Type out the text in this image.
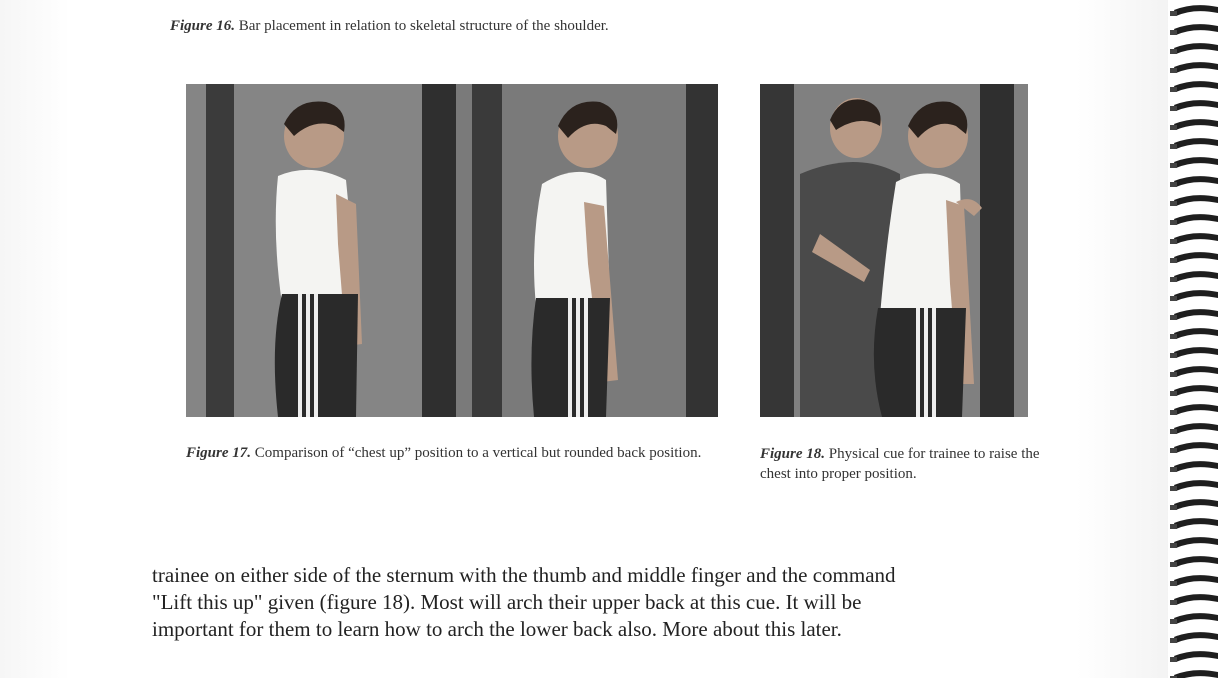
Figure 16. Bar placement in relation to skeletal structure of the shoulder.
Figure 17. Comparison of “chest up” position to a vertical but rounded back position.	Figure 18. Physical cue for trainee to raise the chest into proper position.
trainee on either side of the sternum with the thumb and middle finger and the command
"Lift this up" given (figure 18). Most will arch their upper back at this cue. It will be
important for them to learn how to arch the lower back also. More about this later.
